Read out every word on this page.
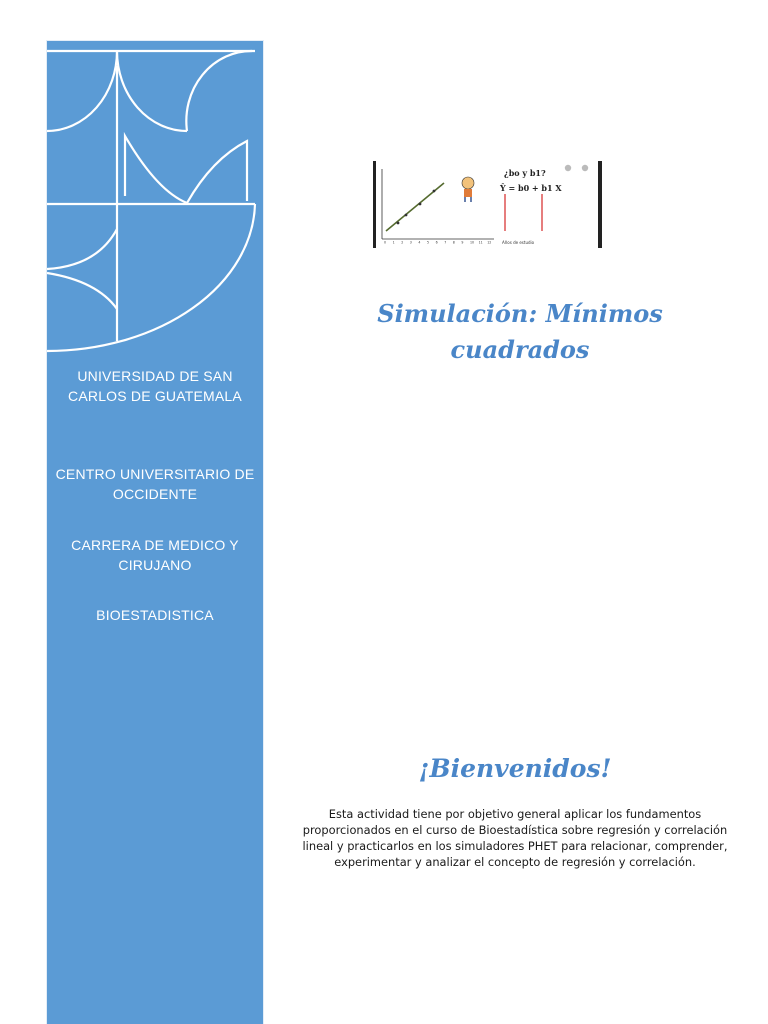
UNIVERSIDAD DE SAN CARLOS DE GUATEMALA
CENTRO UNIVERSITARIO DE OCCIDENTE
CARRERA DE MEDICO Y CIRUJANO
BIOESTADISTICA
¿bo y b1?
Ŷ = b0 + b1 X
Años de estudio
0 1 2 3 4 5 6 7 8 9 10 11 12
Simulación: Mínimos cuadrados
¡Bienvenidos!

Esta actividad tiene por objetivo general aplicar los fundamentos proporcionados en el curso de Bioestadística sobre regresión y correlación lineal y practicarlos en los simuladores PHET para relacionar, comprender, experimentar y analizar el concepto de regresión y correlación.
